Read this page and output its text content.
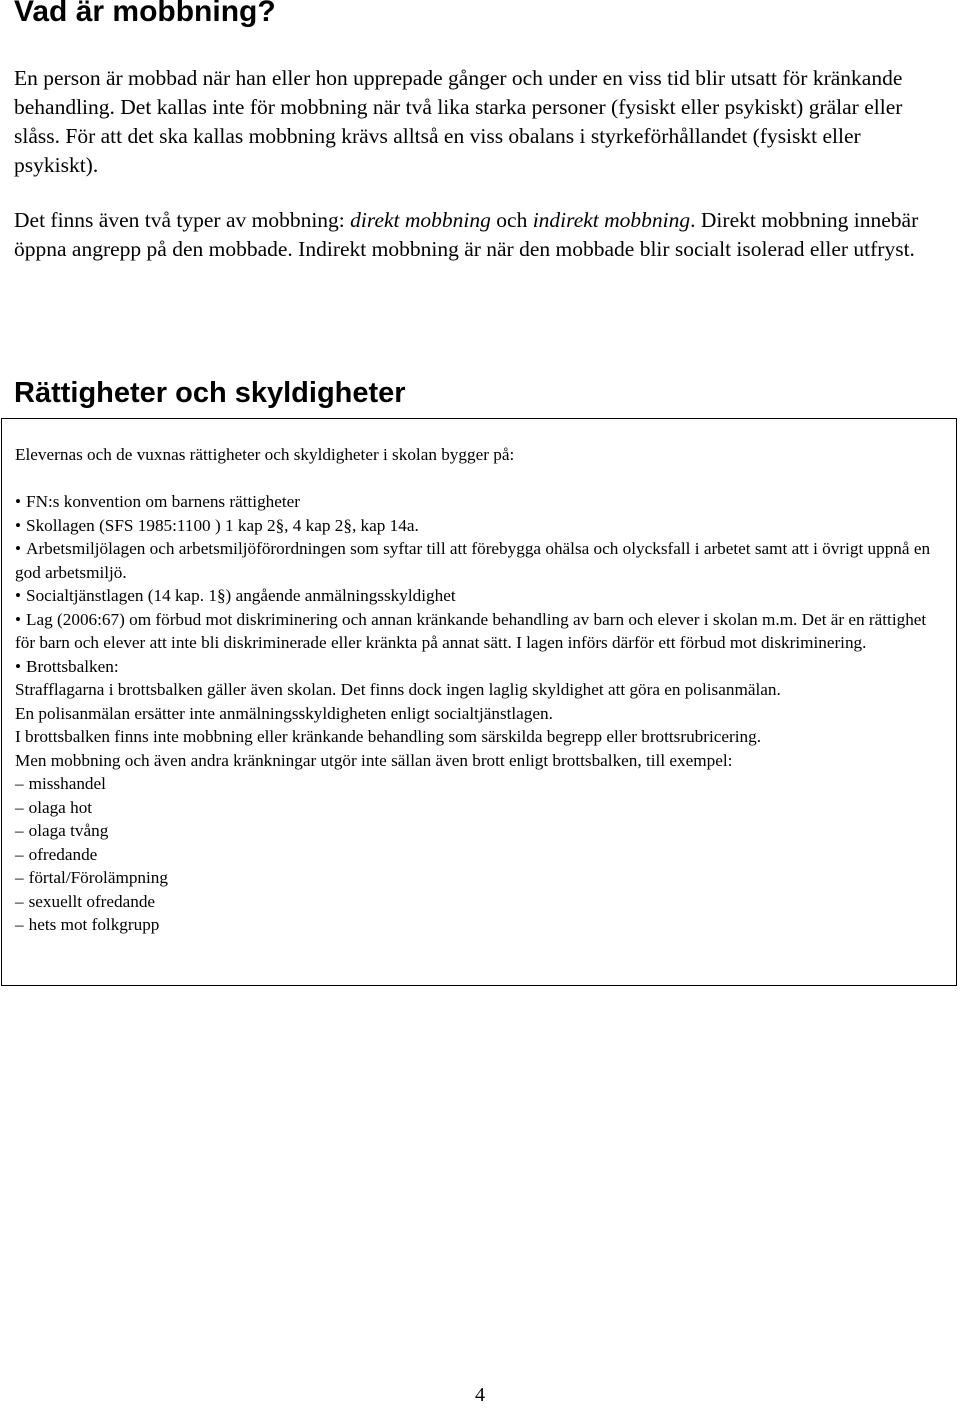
Vad är mobbning?

En person är mobbad när han eller hon upprepade gånger och under en viss tid blir utsatt för kränkande behandling. Det kallas inte för mobbning när två lika starka personer (fysiskt eller psykiskt) grälar eller slåss. För att det ska kallas mobbning krävs alltså en viss obalans i styrkeförhållandet (fysiskt eller psykiskt).

Det finns även två typer av mobbning: direkt mobbning och indirekt mobbning. Direkt mobbning innebär öppna angrepp på den mobbade. Indirekt mobbning är när den mobbade blir socialt isolerad eller utfryst.

Rättigheter och skyldigheter

Elevernas och de vuxnas rättigheter och skyldigheter i skolan bygger på:

• FN:s konvention om barnens rättigheter

• Skollagen (SFS 1985:1100 ) 1 kap 2§, 4 kap 2§, kap 14a.

• Arbetsmiljölagen och arbetsmiljöförordningen som syftar till att förebygga ohälsa och olycksfall i arbetet samt att i övrigt uppnå en god arbetsmiljö.

• Socialtjänstlagen (14 kap. 1§) angående anmälningsskyldighet

• Lag (2006:67) om förbud mot diskriminering och annan kränkande behandling av barn och elever i skolan m.m. Det är en rättighet för barn och elever att inte bli diskriminerade eller kränkta på annat sätt. I lagen införs därför ett förbud mot diskriminering.

• Brottsbalken:

Strafflagarna i brottsbalken gäller även skolan. Det finns dock ingen laglig skyldighet att göra en polisanmälan.

En polisanmälan ersätter inte anmälningsskyldigheten enligt socialtjänstlagen.

I brottsbalken finns inte mobbning eller kränkande behandling som särskilda begrepp eller brottsrubricering.

Men mobbning och även andra kränkningar utgör inte sällan även brott enligt brottsbalken, till exempel:

– misshandel

– olaga hot

– olaga tvång

– ofredande

– förtal/Förolämpning

– sexuellt ofredande

– hets mot folkgrupp

4
